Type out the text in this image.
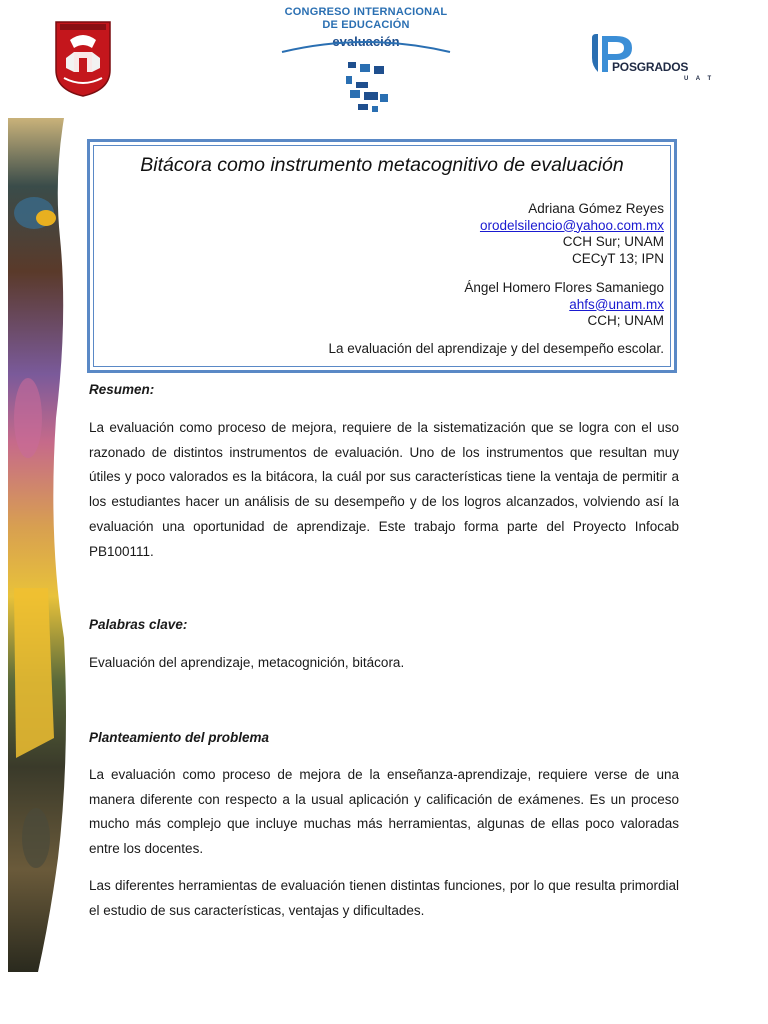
CONGRESO INTERNACIONAL
DE EDUCACIÓN
evaluación
POSGRADOS
U A T
Bitácora como instrumento metacognitivo de evaluación
Adriana Gómez Reyes
orodelsilencio@yahoo.com.mx
CCH Sur; UNAM
CECyT 13; IPN
Ángel Homero Flores Samaniego
ahfs@unam.mx
CCH; UNAM
La evaluación del aprendizaje y del desempeño escolar.
Resumen:

La evaluación como proceso de mejora, requiere de la sistematización que se logra con el uso razonado de distintos instrumentos de evaluación. Uno de los instrumentos que resultan muy útiles y poco valorados es la bitácora, la cuál por sus características tiene la ventaja de permitir a los estudiantes hacer un análisis de su desempeño y de los logros alcanzados, volviendo así la evaluación una oportunidad de aprendizaje. Este trabajo forma parte del Proyecto Infocab PB100111.

Palabras clave:
Evaluación del aprendizaje, metacognición, bitácora.
Planteamiento del problema

La evaluación como proceso de mejora de la enseñanza-aprendizaje, requiere verse de una manera diferente con respecto a la usual aplicación y calificación de exámenes. Es un proceso mucho más complejo que incluye muchas más herramientas, algunas de ellas poco valoradas entre los docentes.

Las diferentes herramientas de evaluación tienen distintas funciones, por lo que resulta primordial el estudio de sus características, ventajas y dificultades.
